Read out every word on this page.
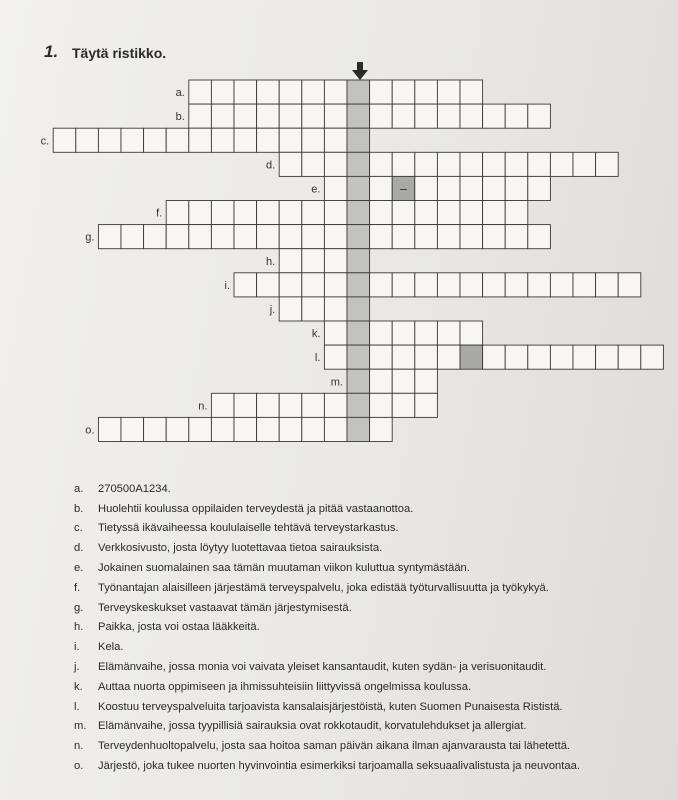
1. Täytä ristikko.
a.
b.
c.
d.
–
e.
f.
g.
h.
i.
j.
k.
l.
m.
n.
o.
a.	270500A1234.
b.	Huolehtii koulussa oppilaiden terveydestä ja pitää vastaanottoa.
c.	Tietyssä ikävaiheessa koululaiselle tehtävä terveystarkastus.
d.	Verkkosivusto, josta löytyy luotettavaa tietoa sairauksista.
e.	Jokainen suomalainen saa tämän muutaman viikon kuluttua syntymästään.
f.	Työnantajan alaisilleen järjestämä terveyspalvelu, joka edistää työturvallisuutta ja työkykyä.
g.	Terveyskeskukset vastaavat tämän järjestymisestä.
h.	Paikka, josta voi ostaa lääkkeitä.
i.	Kela.
j.	Elämänvaihe, jossa monia voi vaivata yleiset kansantaudit, kuten sydän- ja verisuonitaudit.
k.	Auttaa nuorta oppimiseen ja ihmissuhteisiin liittyvissä ongelmissa koulussa.
l.	Koostuu terveyspalveluita tarjoavista kansalaisjärjestöistä, kuten Suomen Punaisesta Rististä.
m.	Elämänvaihe, jossa tyypillisiä sairauksia ovat rokkotaudit, korvatulehdukset ja allergiat.
n.	Terveydenhuoltopalvelu, josta saa hoitoa saman päivän aikana ilman ajanvarausta tai lähetettä.
o.	Järjestö, joka tukee nuorten hyvinvointia esimerkiksi tarjoamalla seksuaalivalistusta ja neuvontaa.
